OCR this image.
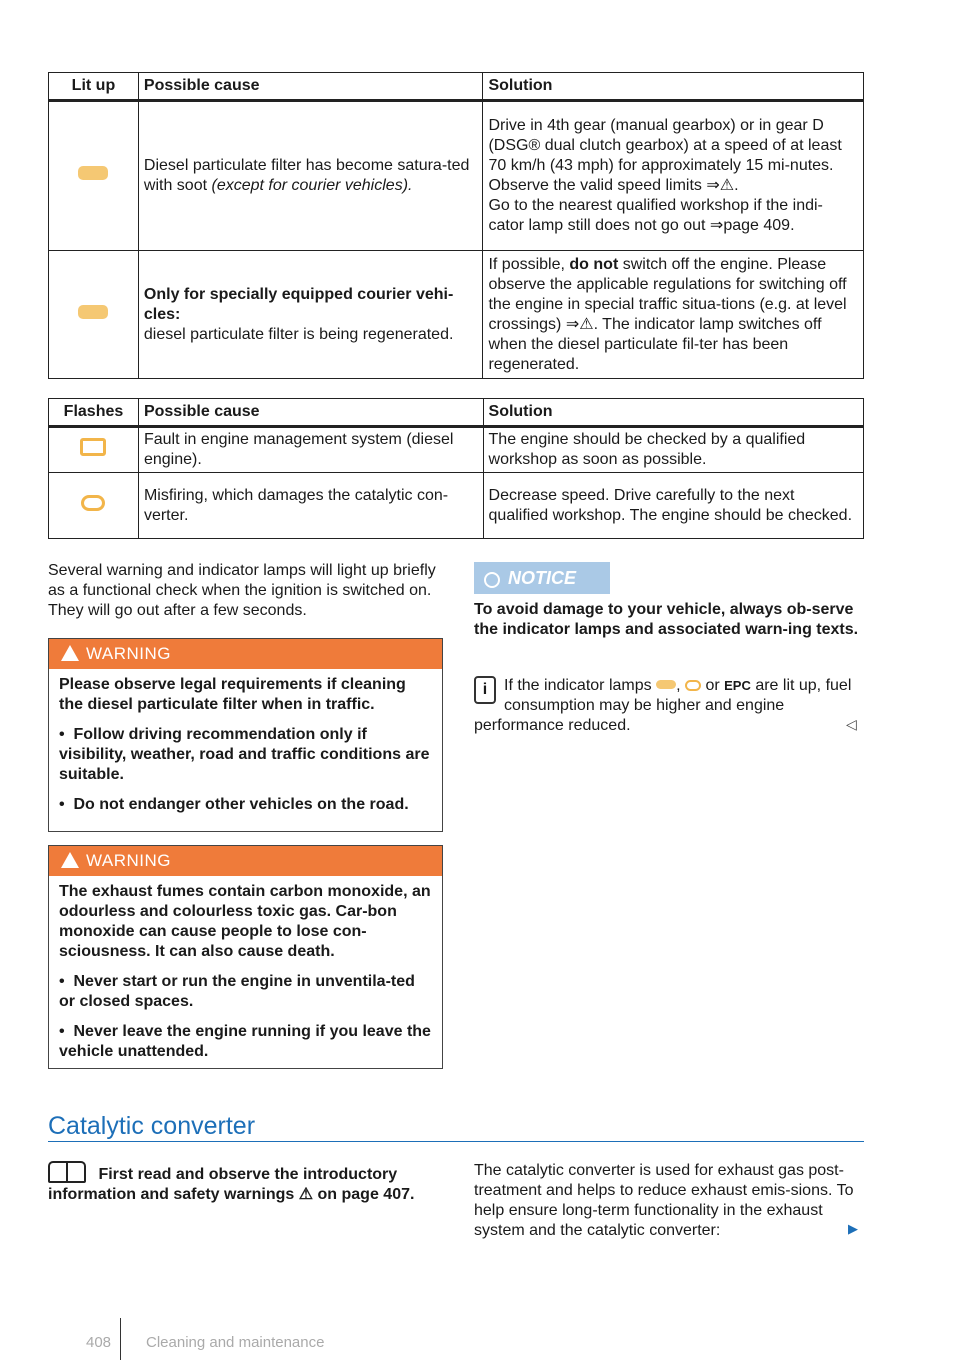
Lit up	Possible cause	Solution
	Diesel particulate filter has become satura-ted with soot (except for courier vehicles).	Drive in 4th gear (manual gearbox) or in gear D (DSG® dual clutch gearbox) at a speed of at least 70 km/h (43 mph) for approximately 15 mi-nutes.
Observe the valid speed limits ⇒⚠.
Go to the nearest qualified workshop if the indi-cator lamp still does not go out ⇒page 409.

	Only for specially equipped courier vehi-cles:
diesel particulate filter is being regenerated.	If possible, do not switch off the engine. Please observe the applicable regulations for switching off the engine in special traffic situa-tions (e.g. at level crossings) ⇒⚠. The indicator lamp switches off when the diesel particulate fil-ter has been regenerated.
Flashes	Possible cause	Solution
	Fault in engine management system (diesel engine).	The engine should be checked by a qualified workshop as soon as possible.
	Misfiring, which damages the catalytic con-verter.	Decrease speed. Drive carefully to the next qualified workshop. The engine should be checked.
Several warning and indicator lamps will light up briefly as a functional check when the ignition is switched on. They will go out after a few seconds.
WARNING

Please observe legal requirements if cleaning the diesel particulate filter when in traffic.

•  Follow driving recommendation only if visibility, weather, road and traffic conditions are suitable.

•  Do not endanger other vehicles on the road.

WARNING

The exhaust fumes contain carbon monoxide, an odourless and colourless toxic gas. Car-bon monoxide can cause people to lose con-sciousness. It can also cause death.

•  Never start or run the engine in unventila-ted or closed spaces.

•  Never leave the engine running if you leave the vehicle unattended.

NOTICE
To avoid damage to your vehicle, always ob-serve the indicator lamps and associated warn-ing texts.
i	If the indicator lamps , or EPC are lit up, fuel consumption may be higher and engine performance reduced.	◁
Catalytic converter
First read and observe the introductory information and safety warnings ⚠ on page 407.
The catalytic converter is used for exhaust gas post-treatment and helps to reduce exhaust emis-sions. To help ensure long-term functionality in the exhaust system and the catalytic converter:	▶
408 Cleaning and maintenance
